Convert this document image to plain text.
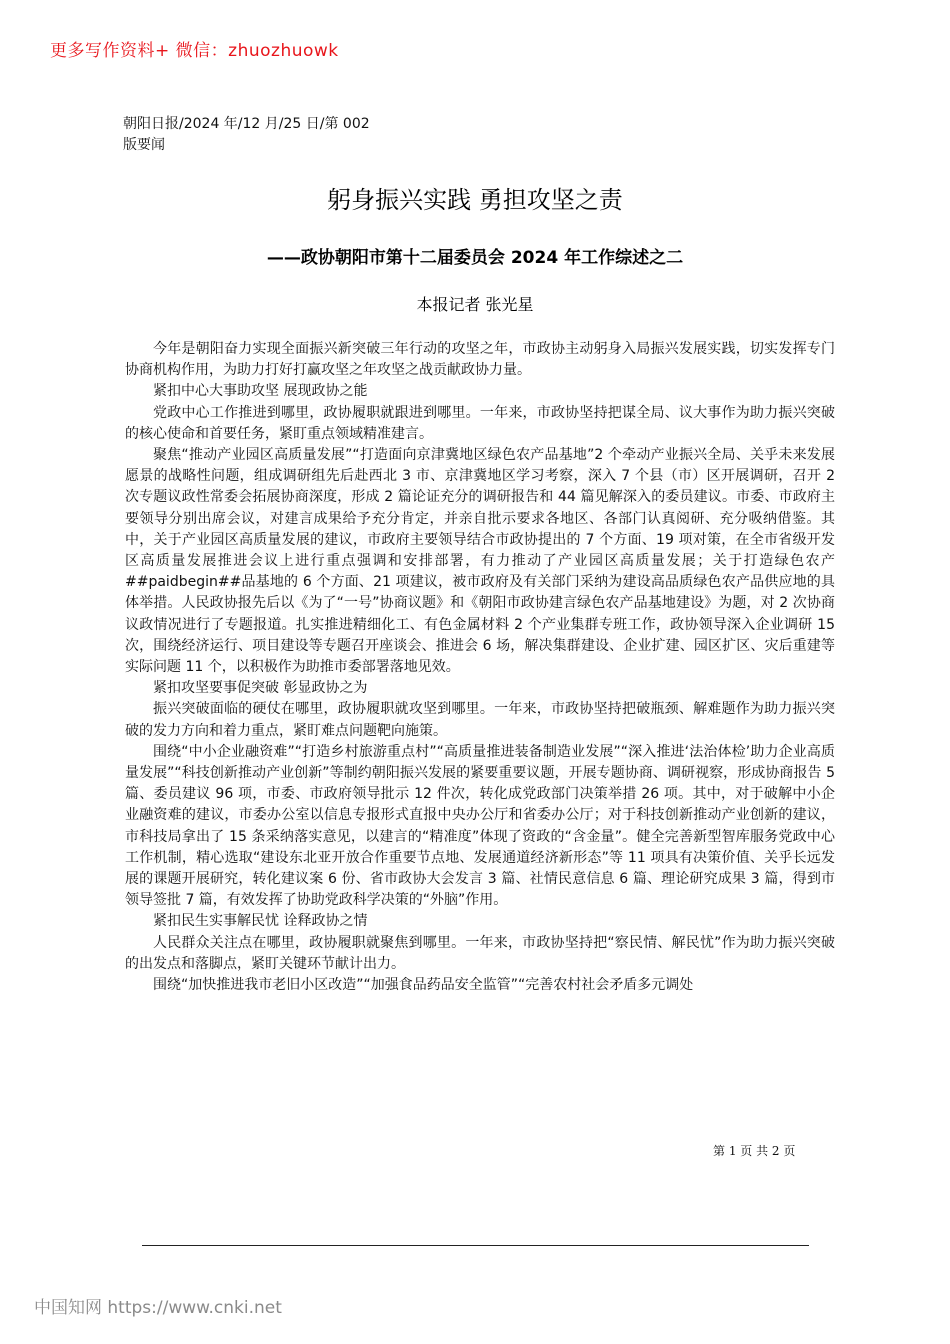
更多写作资料+ 微信：zhuozhuowk
朝阳日报/2024 年/12 月/25 日/第 002
版要闻
躬身振兴实践 勇担攻坚之责
——政协朝阳市第十二届委员会 2024 年工作综述之二
本报记者 张光星

今年是朝阳奋力实现全面振兴新突破三年行动的攻坚之年，市政协主动躬身入局振兴发展实践，切实发挥专门协商机构作用，为助力打好打赢攻坚之年攻坚之战贡献政协力量。

紧扣中心大事助攻坚 展现政协之能

党政中心工作推进到哪里，政协履职就跟进到哪里。一年来，市政协坚持把谋全局、议大事作为助力振兴突破的核心使命和首要任务，紧盯重点领域精准建言。

聚焦“推动产业园区高质量发展”“打造面向京津冀地区绿色农产品基地”2 个牵动产业振兴全局、关乎未来发展愿景的战略性问题，组成调研组先后赴西北 3 市、京津冀地区学习考察，深入 7 个县（市）区开展调研，召开 2 次专题议政性常委会拓展协商深度，形成 2 篇论证充分的调研报告和 44 篇见解深入的委员建议。市委、市政府主要领导分别出席会议，对建言成果给予充分肯定，并亲自批示要求各地区、各部门认真阅研、充分吸纳借鉴。其中，关于产业园区高质量发展的建议，市政府主要领导结合市政协提出的 7 个方面、19 项对策，在全市省级开发区高质量发展推进会议上进行重点强调和安排部署，有力推动了产业园区高质量发展；关于打造绿色农产##paidbegin##品基地的 6 个方面、21 项建议，被市政府及有关部门采纳为建设高品质绿色农产品供应地的具体举措。人民政协报先后以《为了“一号”协商议题》和《朝阳市政协建言绿色农产品基地建设》为题，对 2 次协商议政情况进行了专题报道。扎实推进精细化工、有色金属材料 2 个产业集群专班工作，政协领导深入企业调研 15 次，围绕经济运行、项目建设等专题召开座谈会、推进会 6 场，解决集群建设、企业扩建、园区扩区、灾后重建等实际问题 11 个，以积极作为助推市委部署落地见效。

紧扣攻坚要事促突破 彰显政协之为

振兴突破面临的硬仗在哪里，政协履职就攻坚到哪里。一年来，市政协坚持把破瓶颈、解难题作为助力振兴突破的发力方向和着力重点，紧盯难点问题靶向施策。

围绕“中小企业融资难”“打造乡村旅游重点村”“高质量推进装备制造业发展”“深入推进‘法治体检’助力企业高质量发展”“科技创新推动产业创新”等制约朝阳振兴发展的紧要重要议题，开展专题协商、调研视察，形成协商报告 5 篇、委员建议 96 项，市委、市政府领导批示 12 件次，转化成党政部门决策举措 26 项。其中，对于破解中小企业融资难的建议，市委办公室以信息专报形式直报中央办公厅和省委办公厅；对于科技创新推动产业创新的建议，市科技局拿出了 15 条采纳落实意见，以建言的“精准度”体现了资政的“含金量”。健全完善新型智库服务党政中心工作机制，精心选取“建设东北亚开放合作重要节点地、发展通道经济新形态”等 11 项具有决策价值、关乎长远发展的课题开展研究，转化建议案 6 份、省市政协大会发言 3 篇、社情民意信息 6 篇、理论研究成果 3 篇，得到市领导签批 7 篇，有效发挥了协助党政科学决策的“外脑”作用。

紧扣民生实事解民忧 诠释政协之情

人民群众关注点在哪里，政协履职就聚焦到哪里。一年来，市政协坚持把“察民情、解民忧”作为助力振兴突破的出发点和落脚点，紧盯关键环节献计出力。

围绕“加快推进我市老旧小区改造”“加强食品药品安全监管”“完善农村社会矛盾多元调处

第 1 页 共 2 页
中国知网 https://www.cnki.net
